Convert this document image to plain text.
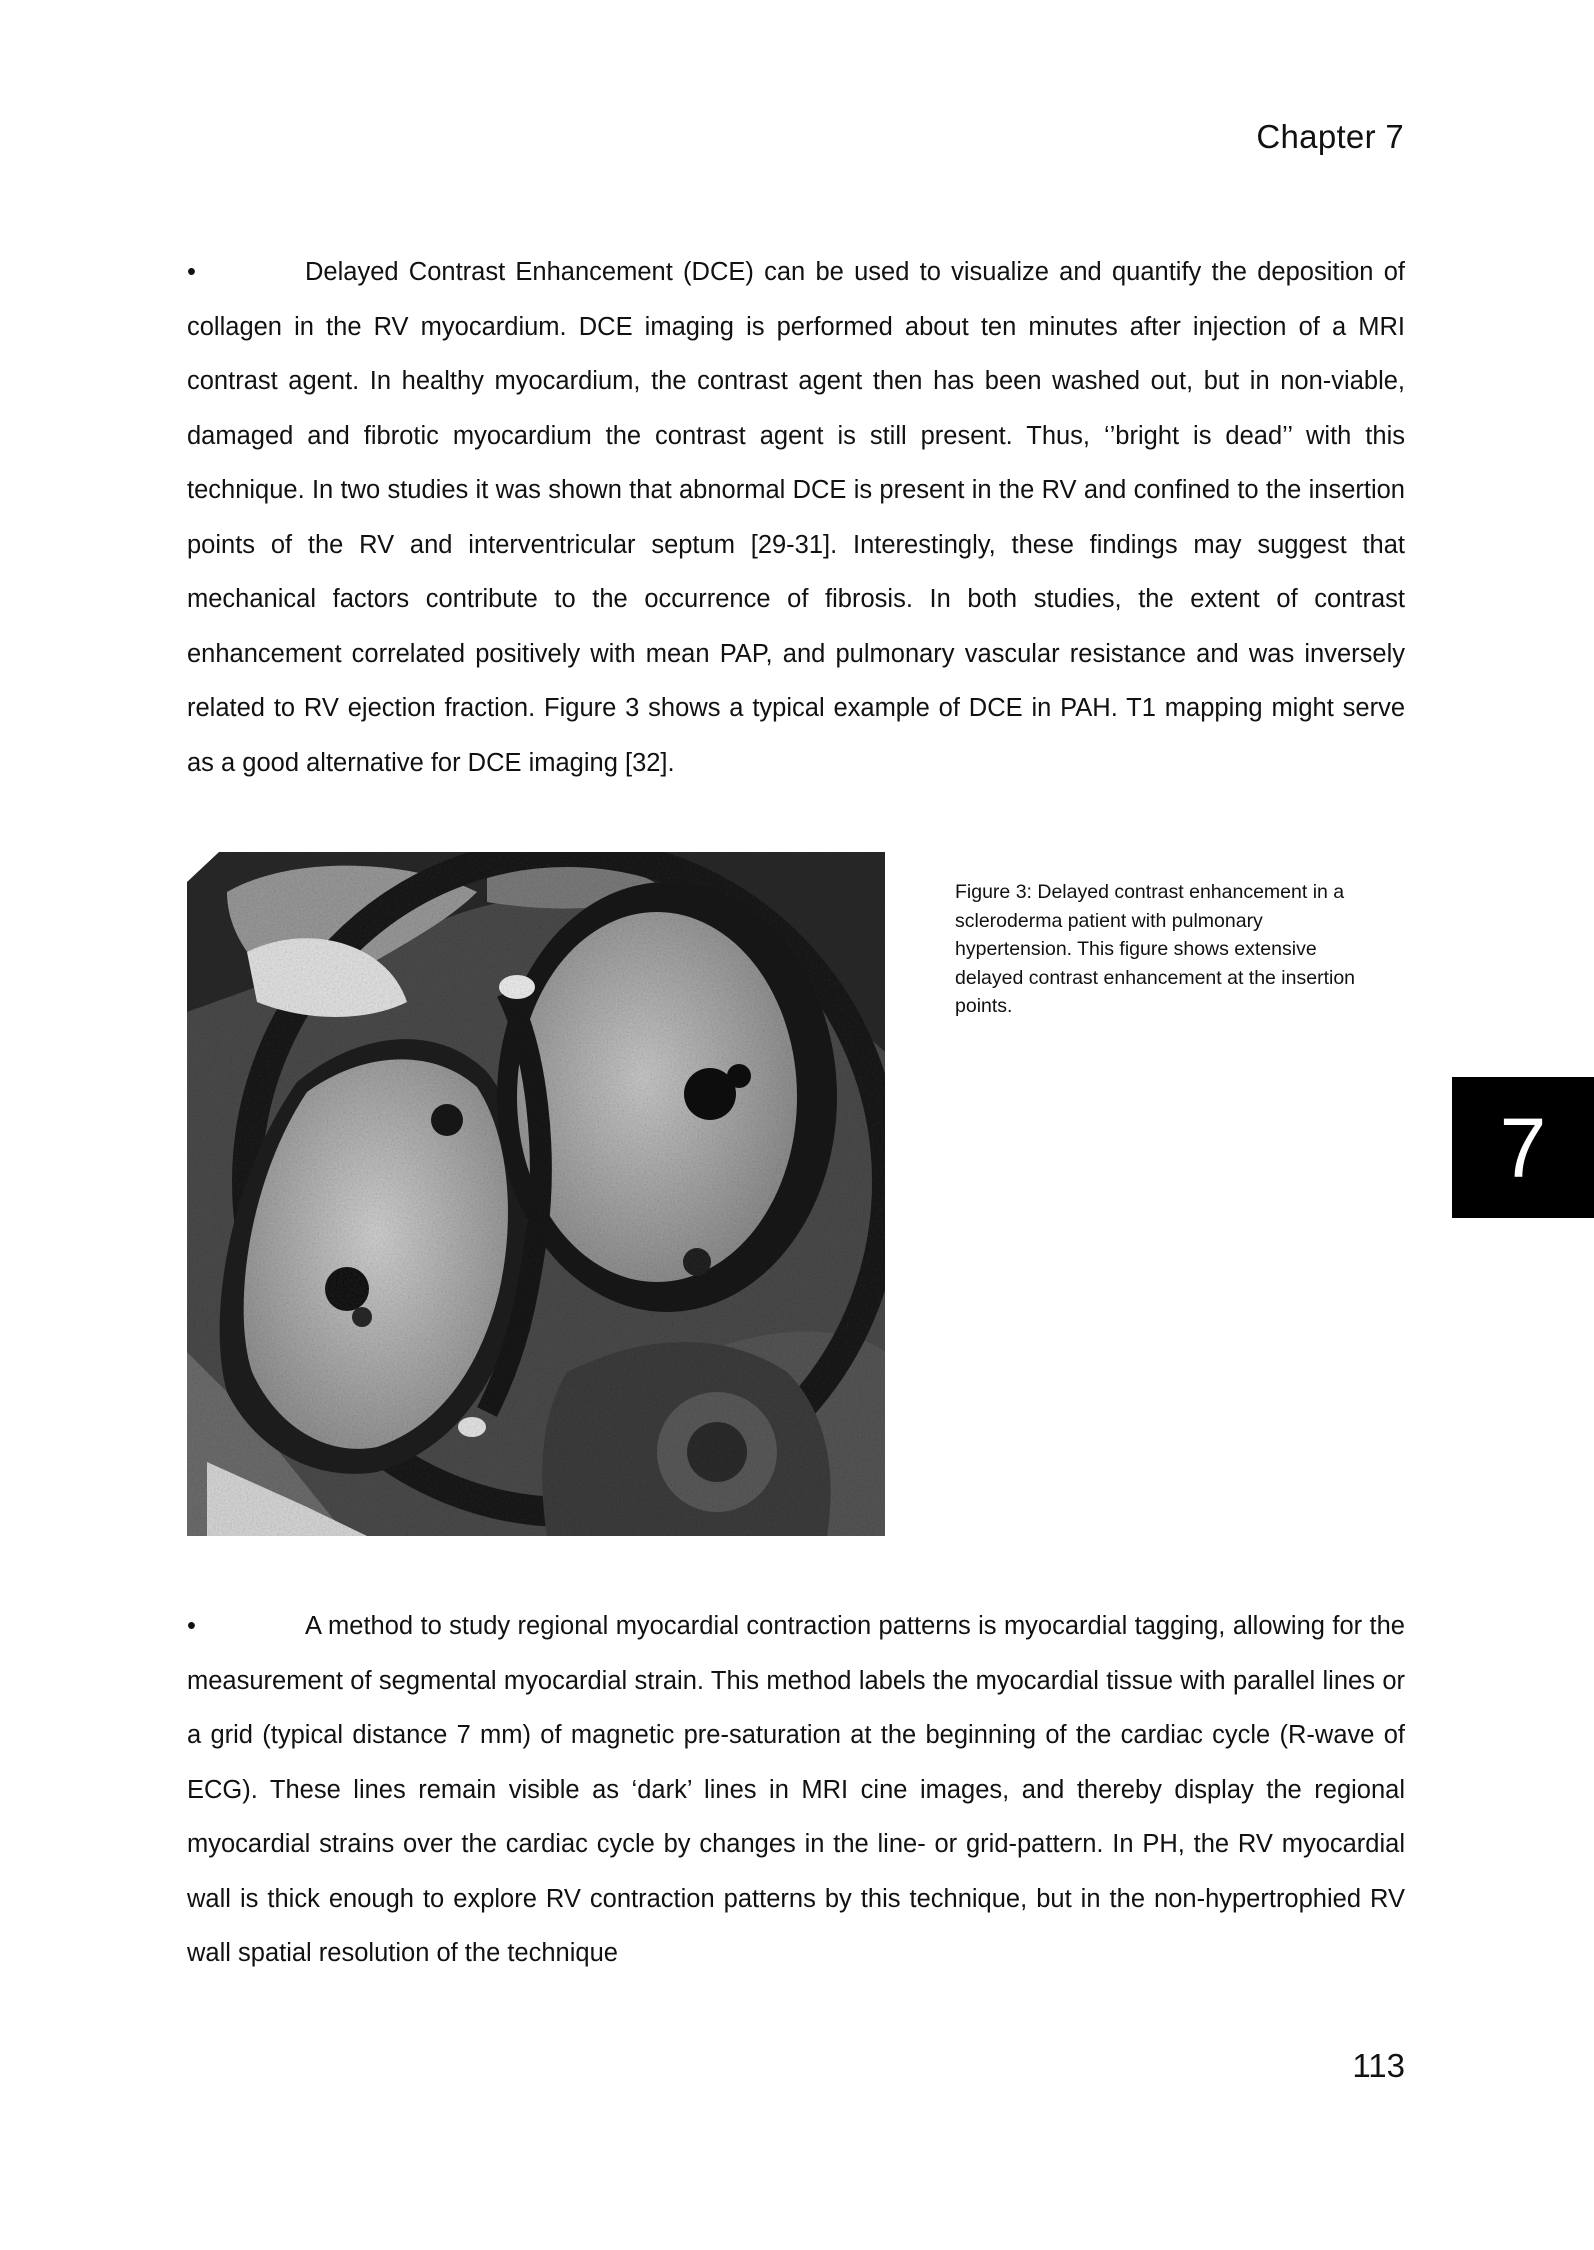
Chapter 7

•	Delayed Contrast Enhancement (DCE) can be used to visualize and quantify the deposition of collagen in the RV myocardium. DCE imaging is performed about ten minutes after injection of a MRI contrast agent. In healthy myocardium, the contrast agent then has been washed out, but in non-viable, damaged and fibrotic myocardium the contrast agent is still present. Thus, ‘’bright is dead’’ with this technique. In two studies it was shown that abnormal DCE is present in the RV and confined to the insertion points of the RV and interventricular septum [29-31]. Interestingly, these findings may suggest that mechanical factors contribute to the occurrence of fibrosis. In both studies, the extent of contrast enhancement correlated positively with mean PAP, and pulmonary vascular resistance and was inversely related to RV ejection fraction. Figure 3 shows a typical example of DCE in PAH. T1 mapping might serve as a good alternative for DCE imaging [32].

Figure 3: Delayed contrast enhancement in a scleroderma patient with pulmonary hypertension. This figure shows extensive delayed contrast enhancement at the insertion points.
7

•	A method to study regional myocardial contraction patterns is myocardial tagging, allowing for the measurement of segmental myocardial strain. This method labels the myocardial tissue with parallel lines or a grid (typical distance 7 mm) of magnetic pre-saturation at the beginning of the cardiac cycle (R-wave of ECG). These lines remain visible as ‘dark’ lines in MRI cine images, and thereby display the regional myocardial strains over the cardiac cycle by changes in the line- or grid-pattern. In PH, the RV myocardial wall is thick enough to explore RV contraction patterns by this technique, but in the non-hypertrophied RV wall spatial resolution of the technique

113
